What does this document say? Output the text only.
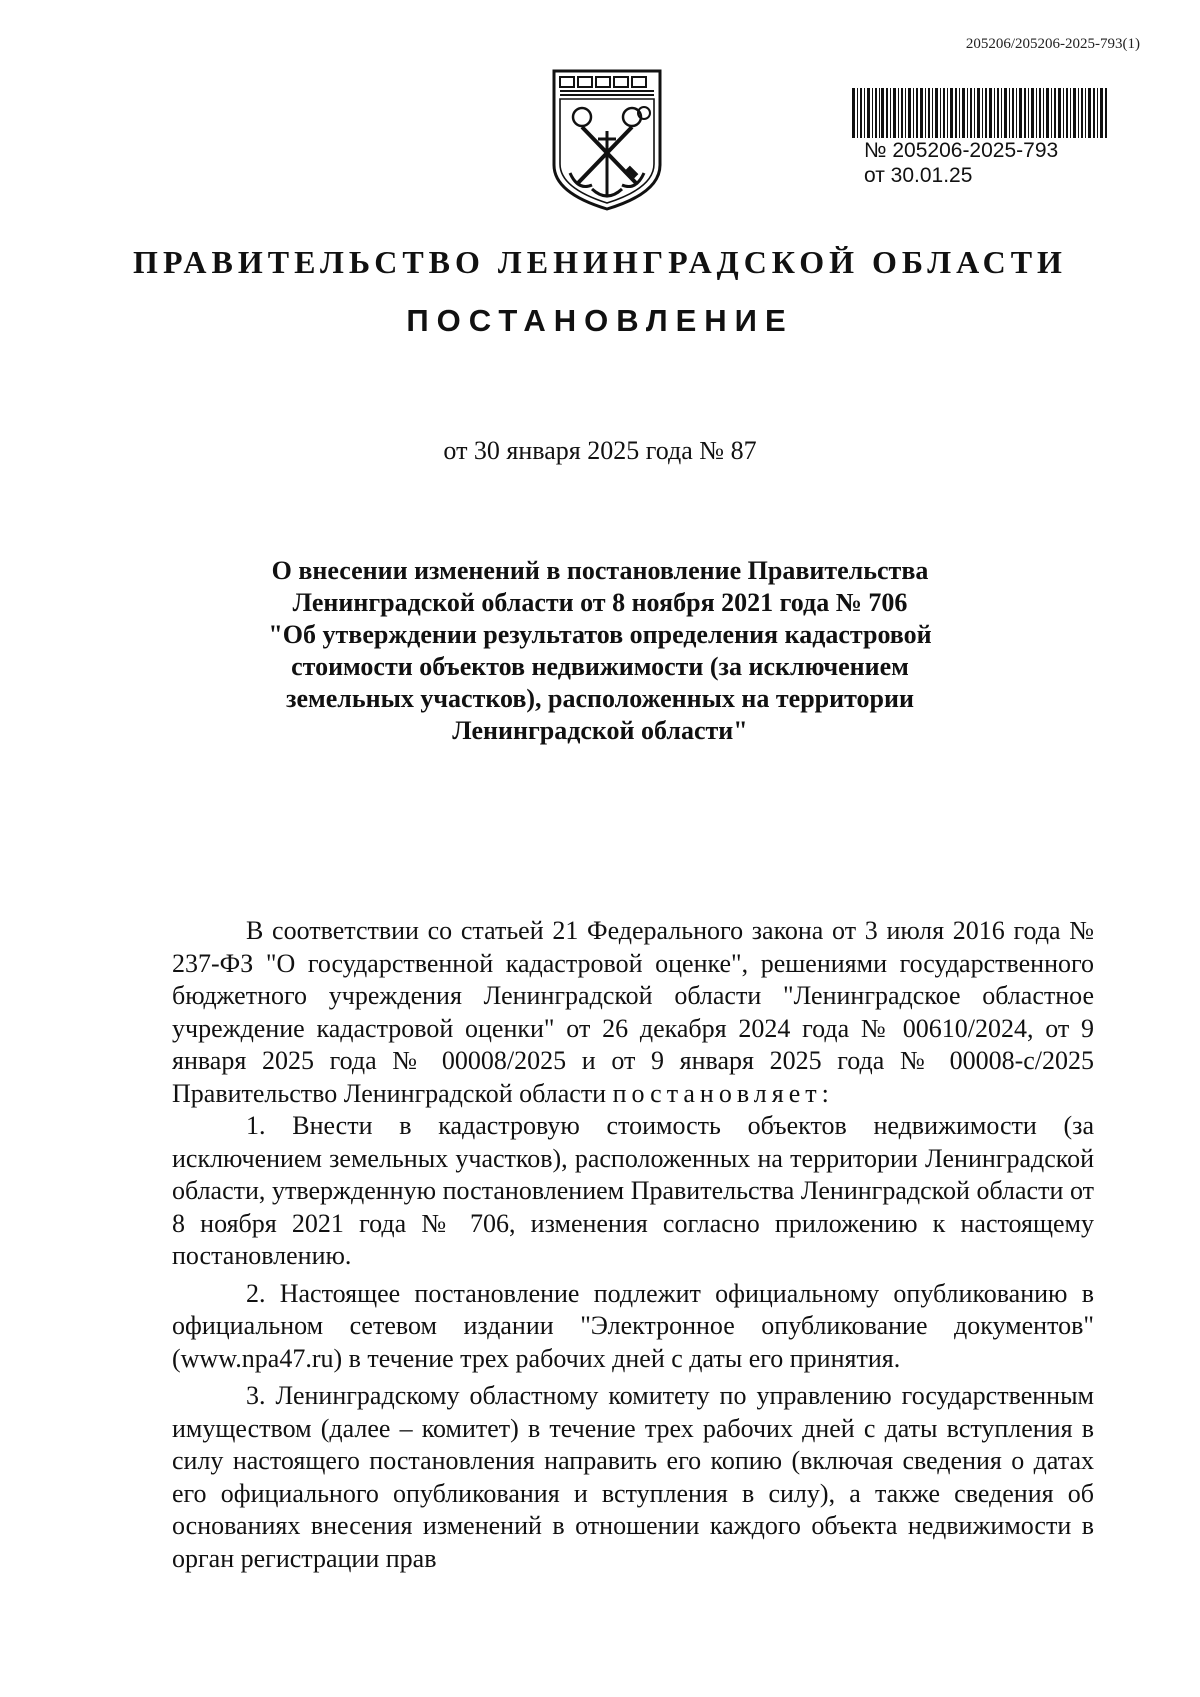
205206/205206-2025-793(1)
№ 205206-2025-793
от 30.01.25
ПРАВИТЕЛЬСТВО ЛЕНИНГРАДСКОЙ ОБЛАСТИ
ПОСТАНОВЛЕНИЕ
от 30 января 2025 года № 87
О внесении изменений в постановление Правительства
Ленинградской области от 8 ноября 2021 года № 706
"Об утверждении результатов определения кадастровой
стоимости объектов недвижимости (за исключением
земельных участков), расположенных на территории
Ленинградской области"

В соответствии со статьей 21 Федерального закона от 3 июля 2016 года № 237-ФЗ "О государственной кадастровой оценке", решениями государственного бюджетного учреждения Ленинградской области "Ленинградское областное учреждение кадастровой оценки" от 26 декабря 2024 года № 00610/2024, от 9 января 2025 года № 00008/2025 и от 9 января 2025 года № 00008-с/2025 Правительство Ленинградской области постановляет:

1. Внести в кадастровую стоимость объектов недвижимости (за исключением земельных участков), расположенных на территории Ленинградской области, утвержденную постановлением Правительства Ленинградской области от 8 ноября 2021 года № 706, изменения согласно приложению к настоящему постановлению.

2. Настоящее постановление подлежит официальному опубликованию в официальном сетевом издании "Электронное опубликование документов" (www.npa47.ru) в течение трех рабочих дней с даты его принятия.

3. Ленинградскому областному комитету по управлению государственным имуществом (далее – комитет) в течение трех рабочих дней с даты вступления в силу настоящего постановления направить его копию (включая сведения о датах его официального опубликования и вступления в силу), а также сведения об основаниях внесения изменений в отношении каждого объекта недвижимости в орган регистрации прав
